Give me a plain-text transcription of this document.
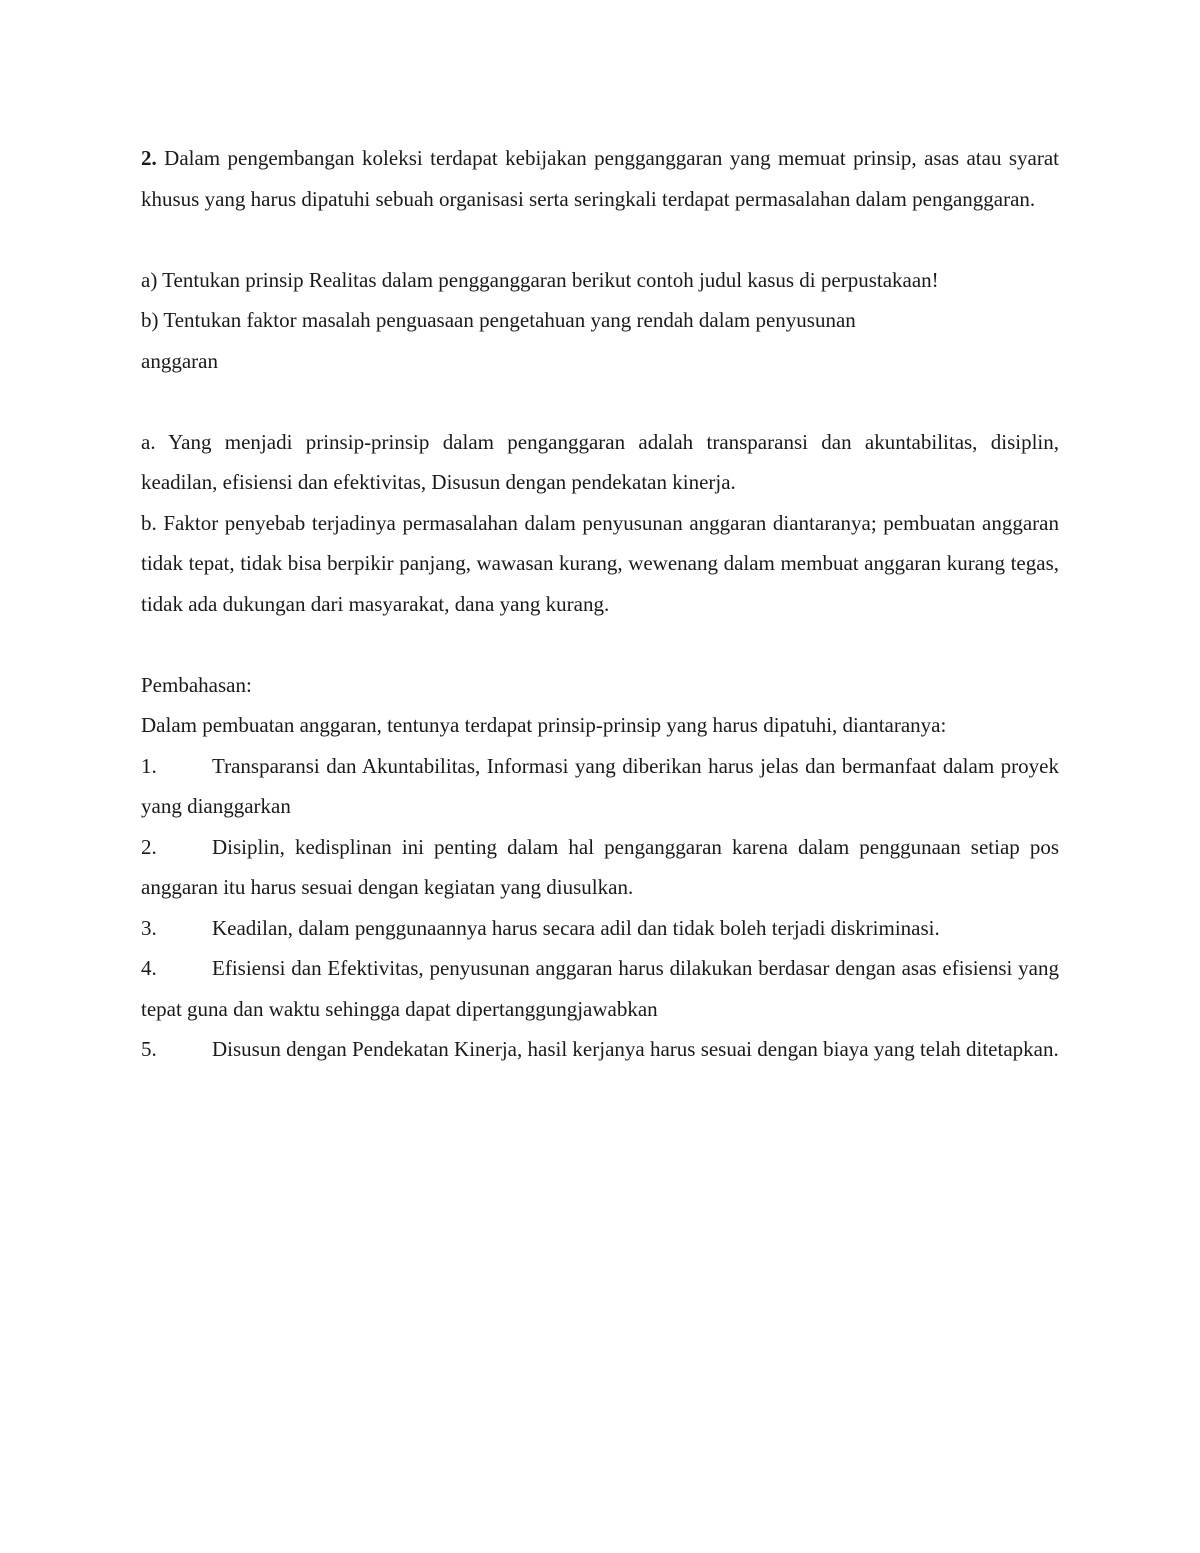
2. Dalam pengembangan koleksi terdapat kebijakan pengganggaran yang memuat prinsip, asas atau syarat khusus yang harus dipatuhi sebuah organisasi serta seringkali terdapat permasalahan dalam penganggaran.

a) Tentukan prinsip Realitas dalam pengganggaran berikut contoh judul kasus di perpustakaan!

b) Tentukan faktor masalah penguasaan pengetahuan yang rendah dalam penyusunan

anggaran

a. Yang menjadi prinsip-prinsip dalam penganggaran adalah transparansi dan akuntabilitas, disiplin, keadilan, efisiensi dan efektivitas, Disusun dengan pendekatan kinerja.

b. Faktor penyebab terjadinya permasalahan dalam penyusunan anggaran diantaranya; pembuatan anggaran tidak tepat, tidak bisa berpikir panjang, wawasan kurang, wewenang dalam membuat anggaran kurang tegas, tidak ada dukungan dari masyarakat, dana yang kurang.

Pembahasan:

Dalam pembuatan anggaran, tentunya terdapat prinsip-prinsip yang harus dipatuhi, diantaranya:

1.	Transparansi dan Akuntabilitas, Informasi yang diberikan harus jelas dan bermanfaat dalam proyek yang dianggarkan

2.	Disiplin, kedisplinan ini penting dalam hal penganggaran karena dalam penggunaan setiap pos anggaran itu harus sesuai dengan kegiatan yang diusulkan.

3.	Keadilan, dalam penggunaannya harus secara adil dan tidak boleh terjadi diskriminasi.

4.	Efisiensi dan Efektivitas, penyusunan anggaran harus dilakukan berdasar dengan asas efisiensi yang tepat guna dan waktu sehingga dapat dipertanggungjawabkan

5.	Disusun dengan Pendekatan Kinerja, hasil kerjanya harus sesuai dengan biaya yang telah ditetapkan.
